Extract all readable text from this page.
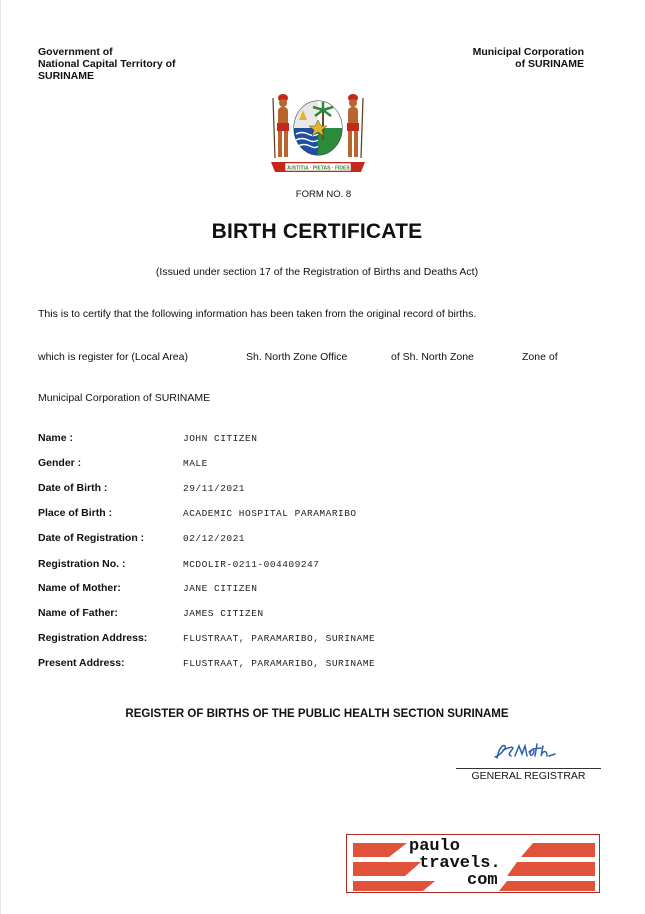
Government of
National Capital Territory of
SURINAME
Municipal Corporation
of SURINAME
JUSTITIA · PIETAS · FIDES
FORM NO. 8
BIRTH CERTIFICATE
(Issued under section 17 of the Registration of Births and Deaths Act)
This is to certify that the following information has been taken from the original record of births.
which is register for (Local Area)	Sh. North Zone Office	of Sh. North Zone	Zone of
Municipal Corporation of SURINAME
Name :	JOHN CITIZEN
Gender :	MALE
Date of Birth :	29/11/2021
Place of Birth :	ACADEMIC HOSPITAL PARAMARIBO
Date of Registration :	02/12/2021
Registration No. :	MCDOLIR-0211-004409247
Name of Mother:	JANE CITIZEN
Name of Father:	JAMES CITIZEN
Registration Address:	FLUSTRAAT, PARAMARIBO, SURINAME
Present Address:	FLUSTRAAT, PARAMARIBO, SURINAME
REGISTER OF BIRTHS OF THE PUBLIC HEALTH SECTION SURINAME
JSmith
GENERAL REGISTRAR
paulo
travels.
com
